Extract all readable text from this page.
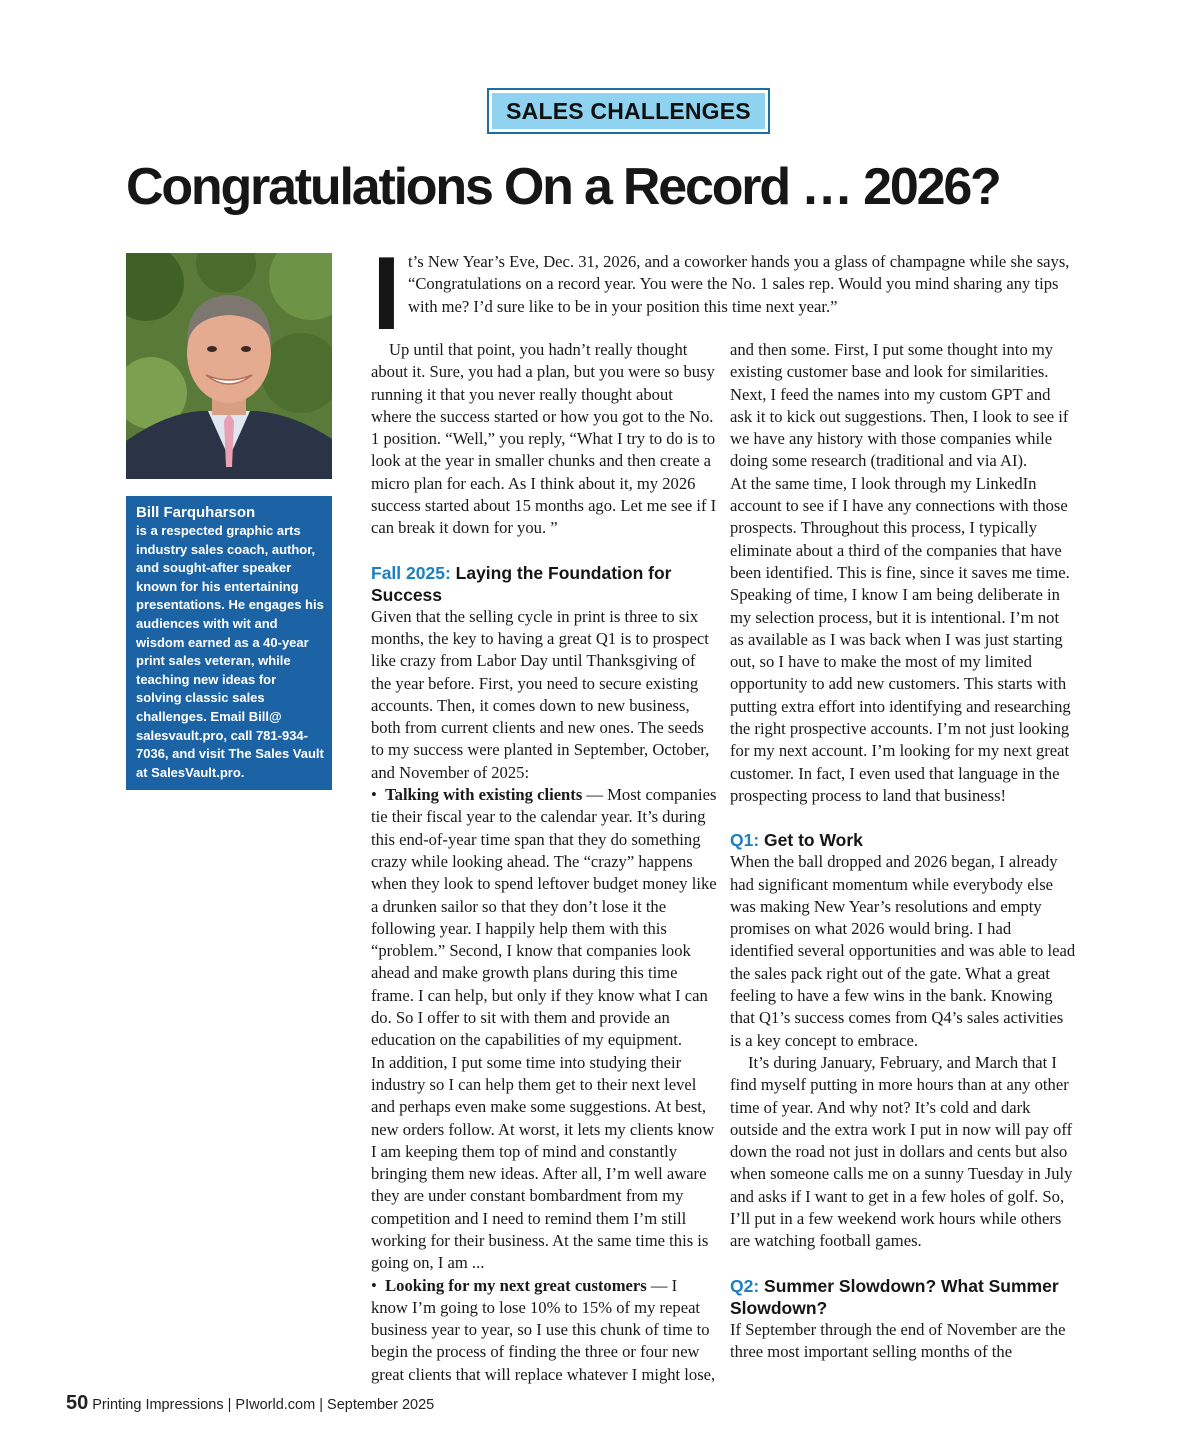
SALES CHALLENGES
Congratulations On a Record … 2026?
Bill Farquharson
is a respected graphic arts industry sales coach, author, and sought-after speaker known for his entertaining presentations. He engages his audiences with wit and wisdom earned as a 40-year print sales veteran, while teaching new ideas for solving classic sales challenges. Email Bill@ salesvault.pro, call 781-934-7036, and visit The Sales Vault at SalesVault.pro.
I t’s New Year’s Eve, Dec. 31, 2026, and a coworker hands you a glass of champagne while she says, “Congratulations on a record year. You were the No. 1 sales rep. Would you mind sharing any tips with me? I’d sure like to be in your position this time next year.”

Up until that point, you hadn’t really thought about it. Sure, you had a plan, but you were so busy running it that you never really thought about where the success started or how you got to the No. 1 position. “Well,” you reply, “What I try to do is to look at the year in smaller chunks and then create a micro plan for each. As I think about it, my 2026 success started about 15 months ago. Let me see if I can break it down for you. ”

Fall 2025: Laying the Foundation for Success

Given that the selling cycle in print is three to six months, the key to having a great Q1 is to prospect like crazy from Labor Day until Thanksgiving of the year before. First, you need to secure existing accounts. Then, it comes down to new business, both from current clients and new ones. The seeds to my success were planted in September, October, and November of 2025:

• Talking with existing clients — Most companies tie their fiscal year to the calendar year. It’s during this end-of-year time span that they do something crazy while looking ahead. The “crazy” happens when they look to spend leftover budget money like a drunken sailor so that they don’t lose it the following year. I happily help them with this “problem.” Second, I know that companies look ahead and make growth plans during this time frame. I can help, but only if they know what I can do. So I offer to sit with them and provide an education on the capabilities of my equipment.

In addition, I put some time into studying their industry so I can help them get to their next level and perhaps even make some suggestions. At best, new orders follow. At worst, it lets my clients know I am keeping them top of mind and constantly bringing them new ideas. After all, I’m well aware they are under constant bombardment from my competition and I need to remind them I’m still working for their business. At the same time this is going on, I am ...

• Looking for my next great customers — I know I’m going to lose 10% to 15% of my repeat business year to year, so I use this chunk of time to begin the process of finding the three or four new great clients that will replace whatever I might lose,

and then some. First, I put some thought into my existing customer base and look for similarities. Next, I feed the names into my custom GPT and ask it to kick out suggestions. Then, I look to see if we have any history with those companies while doing some research (traditional and via AI).

At the same time, I look through my LinkedIn account to see if I have any connections with those prospects. Throughout this process, I typically eliminate about a third of the companies that have been identified. This is fine, since it saves me time. Speaking of time, I know I am being deliberate in my selection process, but it is intentional. I’m not as available as I was back when I was just starting out, so I have to make the most of my limited opportunity to add new customers. This starts with putting extra effort into identifying and researching the right prospective accounts. I’m not just looking for my next account. I’m looking for my next great customer. In fact, I even used that language in the prospecting process to land that business!

Q1: Get to Work

When the ball dropped and 2026 began, I already had significant momentum while everybody else was making New Year’s resolutions and empty promises on what 2026 would bring. I had identified several opportunities and was able to lead the sales pack right out of the gate. What a great feeling to have a few wins in the bank. Knowing that Q1’s success comes from Q4’s sales activities is a key concept to embrace.

It’s during January, February, and March that I find myself putting in more hours than at any other time of year. And why not? It’s cold and dark outside and the extra work I put in now will pay off down the road not just in dollars and cents but also when someone calls me on a sunny Tuesday in July and asks if I want to get in a few holes of golf. So, I’ll put in a few weekend work hours while others are watching football games.

Q2: Summer Slowdown? What Summer Slowdown?

If September through the end of November are the three most important selling months of the

50 Printing Impressions | PIworld.com | September 2025
